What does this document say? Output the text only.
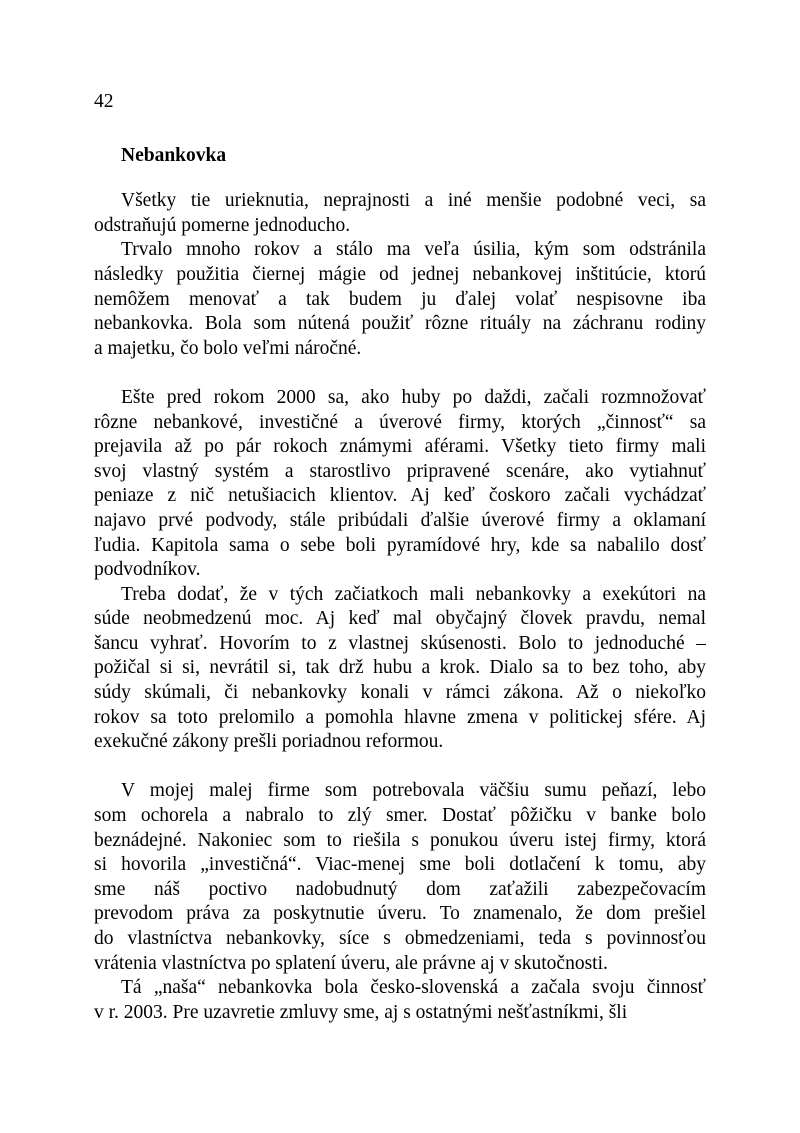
42
Nebankovka

Všetky tie urieknutia, neprajnosti a iné menšie podobné veci, sa
odstraňujú pomerne jednoducho.

Trvalo mnoho rokov a stálo ma veľa úsilia, kým som odstránila
následky použitia čiernej mágie od jednej nebankovej inštitúcie, ktorú
nemôžem menovať a tak budem ju ďalej volať nespisovne iba
nebankovka. Bola som nútená použiť rôzne rituály na záchranu rodiny
a majetku, čo bolo veľmi náročné.

Ešte pred rokom 2000 sa, ako huby po daždi, začali rozmnožovať
rôzne nebankové, investičné a úverové firmy, ktorých „činnosť“ sa
prejavila až po pár rokoch známymi aférami. Všetky tieto firmy mali
svoj vlastný systém a starostlivo pripravené scenáre, ako vytiahnuť
peniaze z nič netušiacich klientov. Aj keď čoskoro začali vychádzať
najavo prvé podvody, stále pribúdali ďalšie úverové firmy a oklamaní
ľudia. Kapitola sama o sebe boli pyramídové hry, kde sa nabalilo dosť
podvodníkov.

Treba dodať, že v tých začiatkoch mali nebankovky a exekútori na
súde neobmedzenú moc. Aj keď mal obyčajný človek pravdu, nemal
šancu vyhrať. Hovorím to z vlastnej skúsenosti. Bolo to jednoduché –
požičal si si, nevrátil si, tak drž hubu a krok. Dialo sa to bez toho, aby
súdy skúmali, či nebankovky konali v rámci zákona. Až o niekoľko
rokov sa toto prelomilo a pomohla hlavne zmena v politickej sfére. Aj
exekučné zákony prešli poriadnou reformou.

V mojej malej firme som potrebovala väčšiu sumu peňazí, lebo
som ochorela a nabralo to zlý smer. Dostať pôžičku v banke bolo
beznádejné. Nakoniec som to riešila s ponukou úveru istej firmy, ktorá
si hovorila „investičná“. Viac-menej sme boli dotlačení k tomu, aby
sme náš poctivo nadobudnutý dom zaťažili zabezpečovacím
prevodom práva za poskytnutie úveru. To znamenalo, že dom prešiel
do vlastníctva nebankovky, síce s obmedzeniami, teda s povinnosťou
vrátenia vlastníctva po splatení úveru, ale právne aj v skutočnosti.

Tá „naša“ nebankovka bola česko-slovenská a začala svoju činnosť
v r. 2003. Pre uzavretie zmluvy sme, aj s ostatnými nešťastníkmi, šli
